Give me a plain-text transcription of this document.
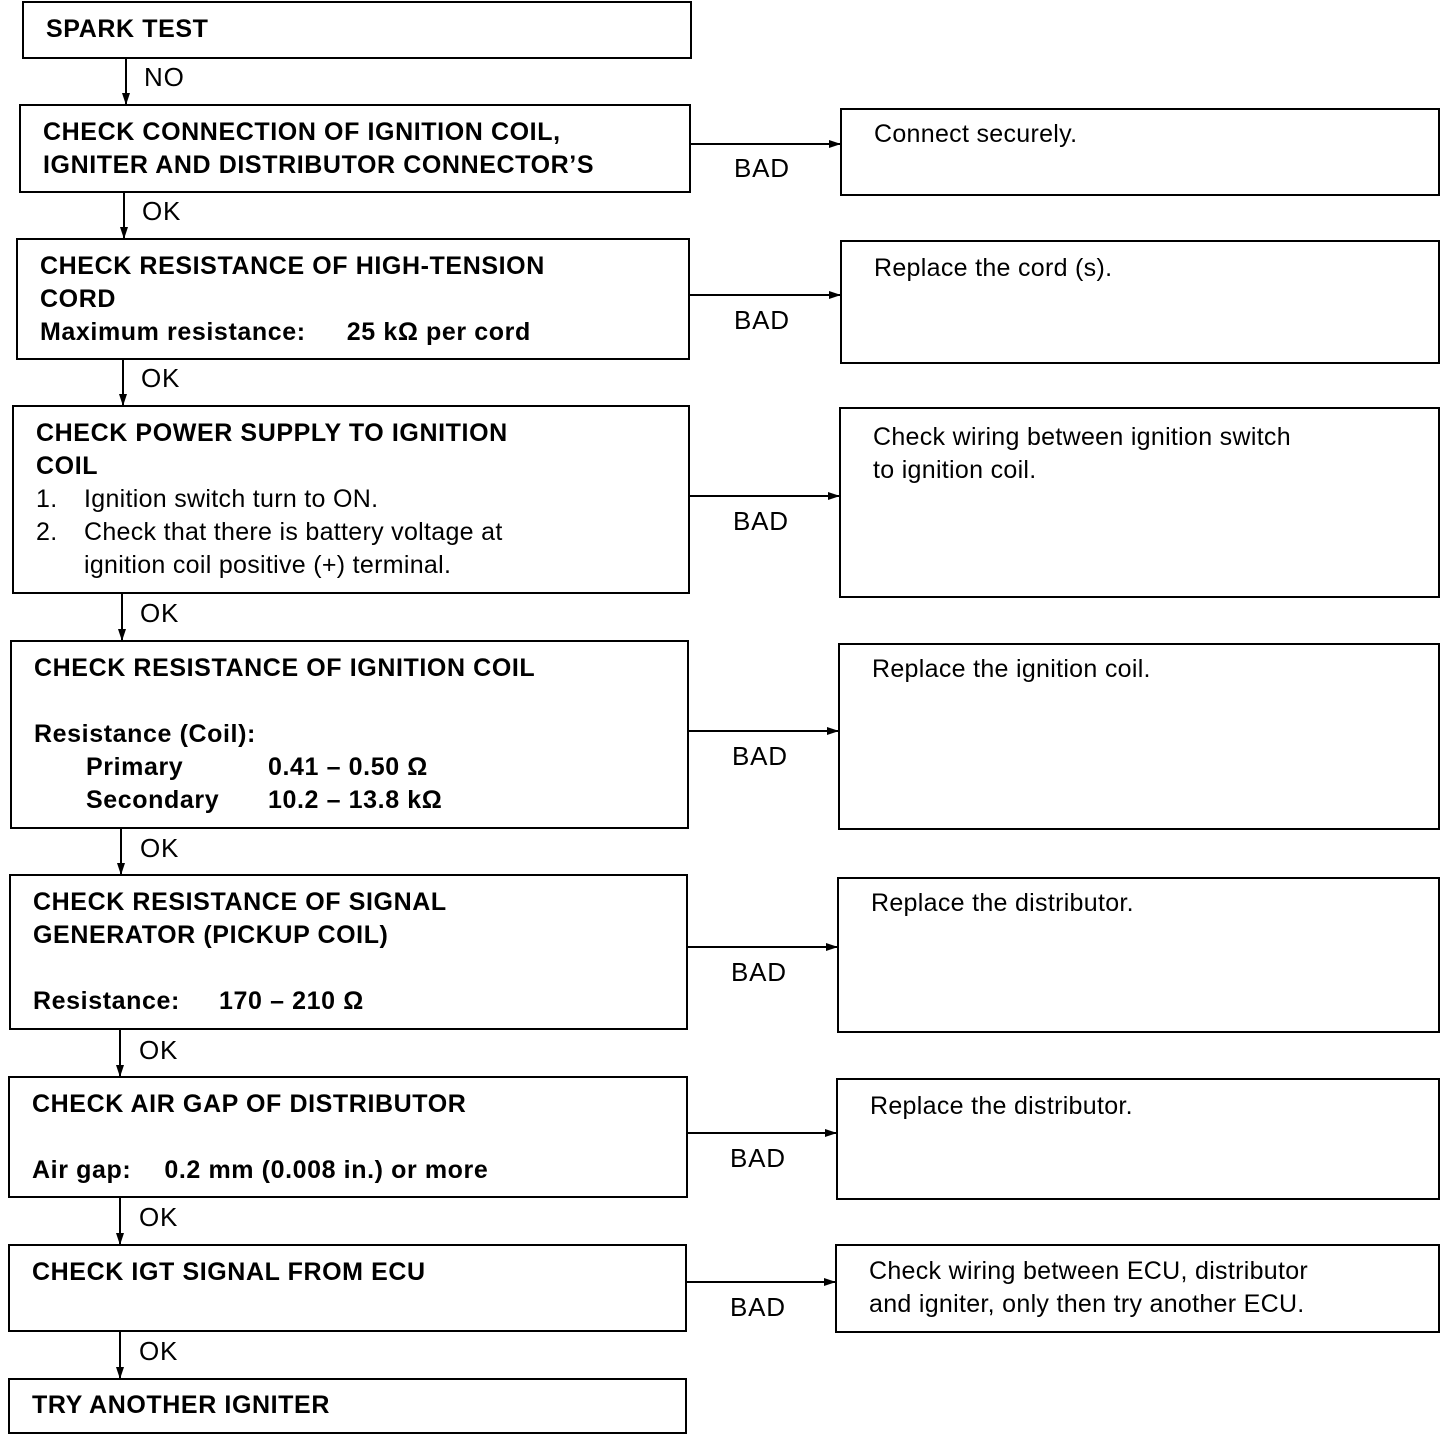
SPARK TEST
NO
CHECK CONNECTION OF IGNITION COIL,
IGNITER AND DISTRIBUTOR CONNECTOR’S	BAD
Connect securely.
OK
CHECK RESISTANCE OF HIGH-TENSION
CORD
Maximum resistance: 25 kΩ per cord	BAD
Replace the cord (s).
OK
CHECK POWER SUPPLY TO IGNITION
COIL
1. Ignition switch turn to ON.
2. Check that there is battery voltage at
ignition coil positive (+) terminal.
BAD
Check wiring between ignition switch
to ignition coil.
OK
CHECK RESISTANCE OF IGNITION COIL
Resistance (Coil):
Primary	0.41 – 0.50 Ω
Secondary 10.2 – 13.8 kΩ
BAD
Replace the ignition coil.
OK
CHECK RESISTANCE OF SIGNAL
GENERATOR (PICKUP COIL)
Resistance: 170 – 210 Ω
BAD
Replace the distributor.
OK
CHECK AIR GAP OF DISTRIBUTOR
Air gap: 0.2 mm (0.008 in.) or more	BAD
Replace the distributor.
OK
CHECK IGT SIGNAL FROM ECU
BAD
Check wiring between ECU, distributor
and igniter, only then try another ECU.
OK
TRY ANOTHER IGNITER
